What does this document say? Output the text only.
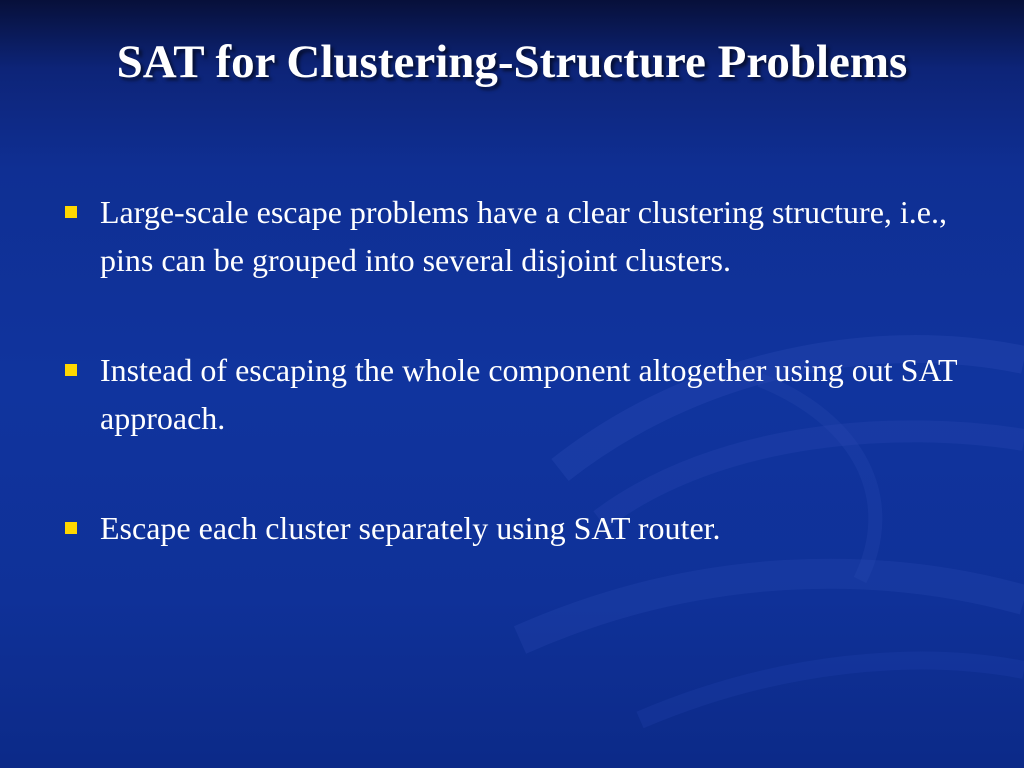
SAT for Clustering-Structure Problems
Large-scale escape problems have a clear clustering structure, i.e., pins can be grouped into several disjoint clusters.
Instead of escaping the whole component altogether using out SAT approach.
Escape each cluster separately using SAT router.
